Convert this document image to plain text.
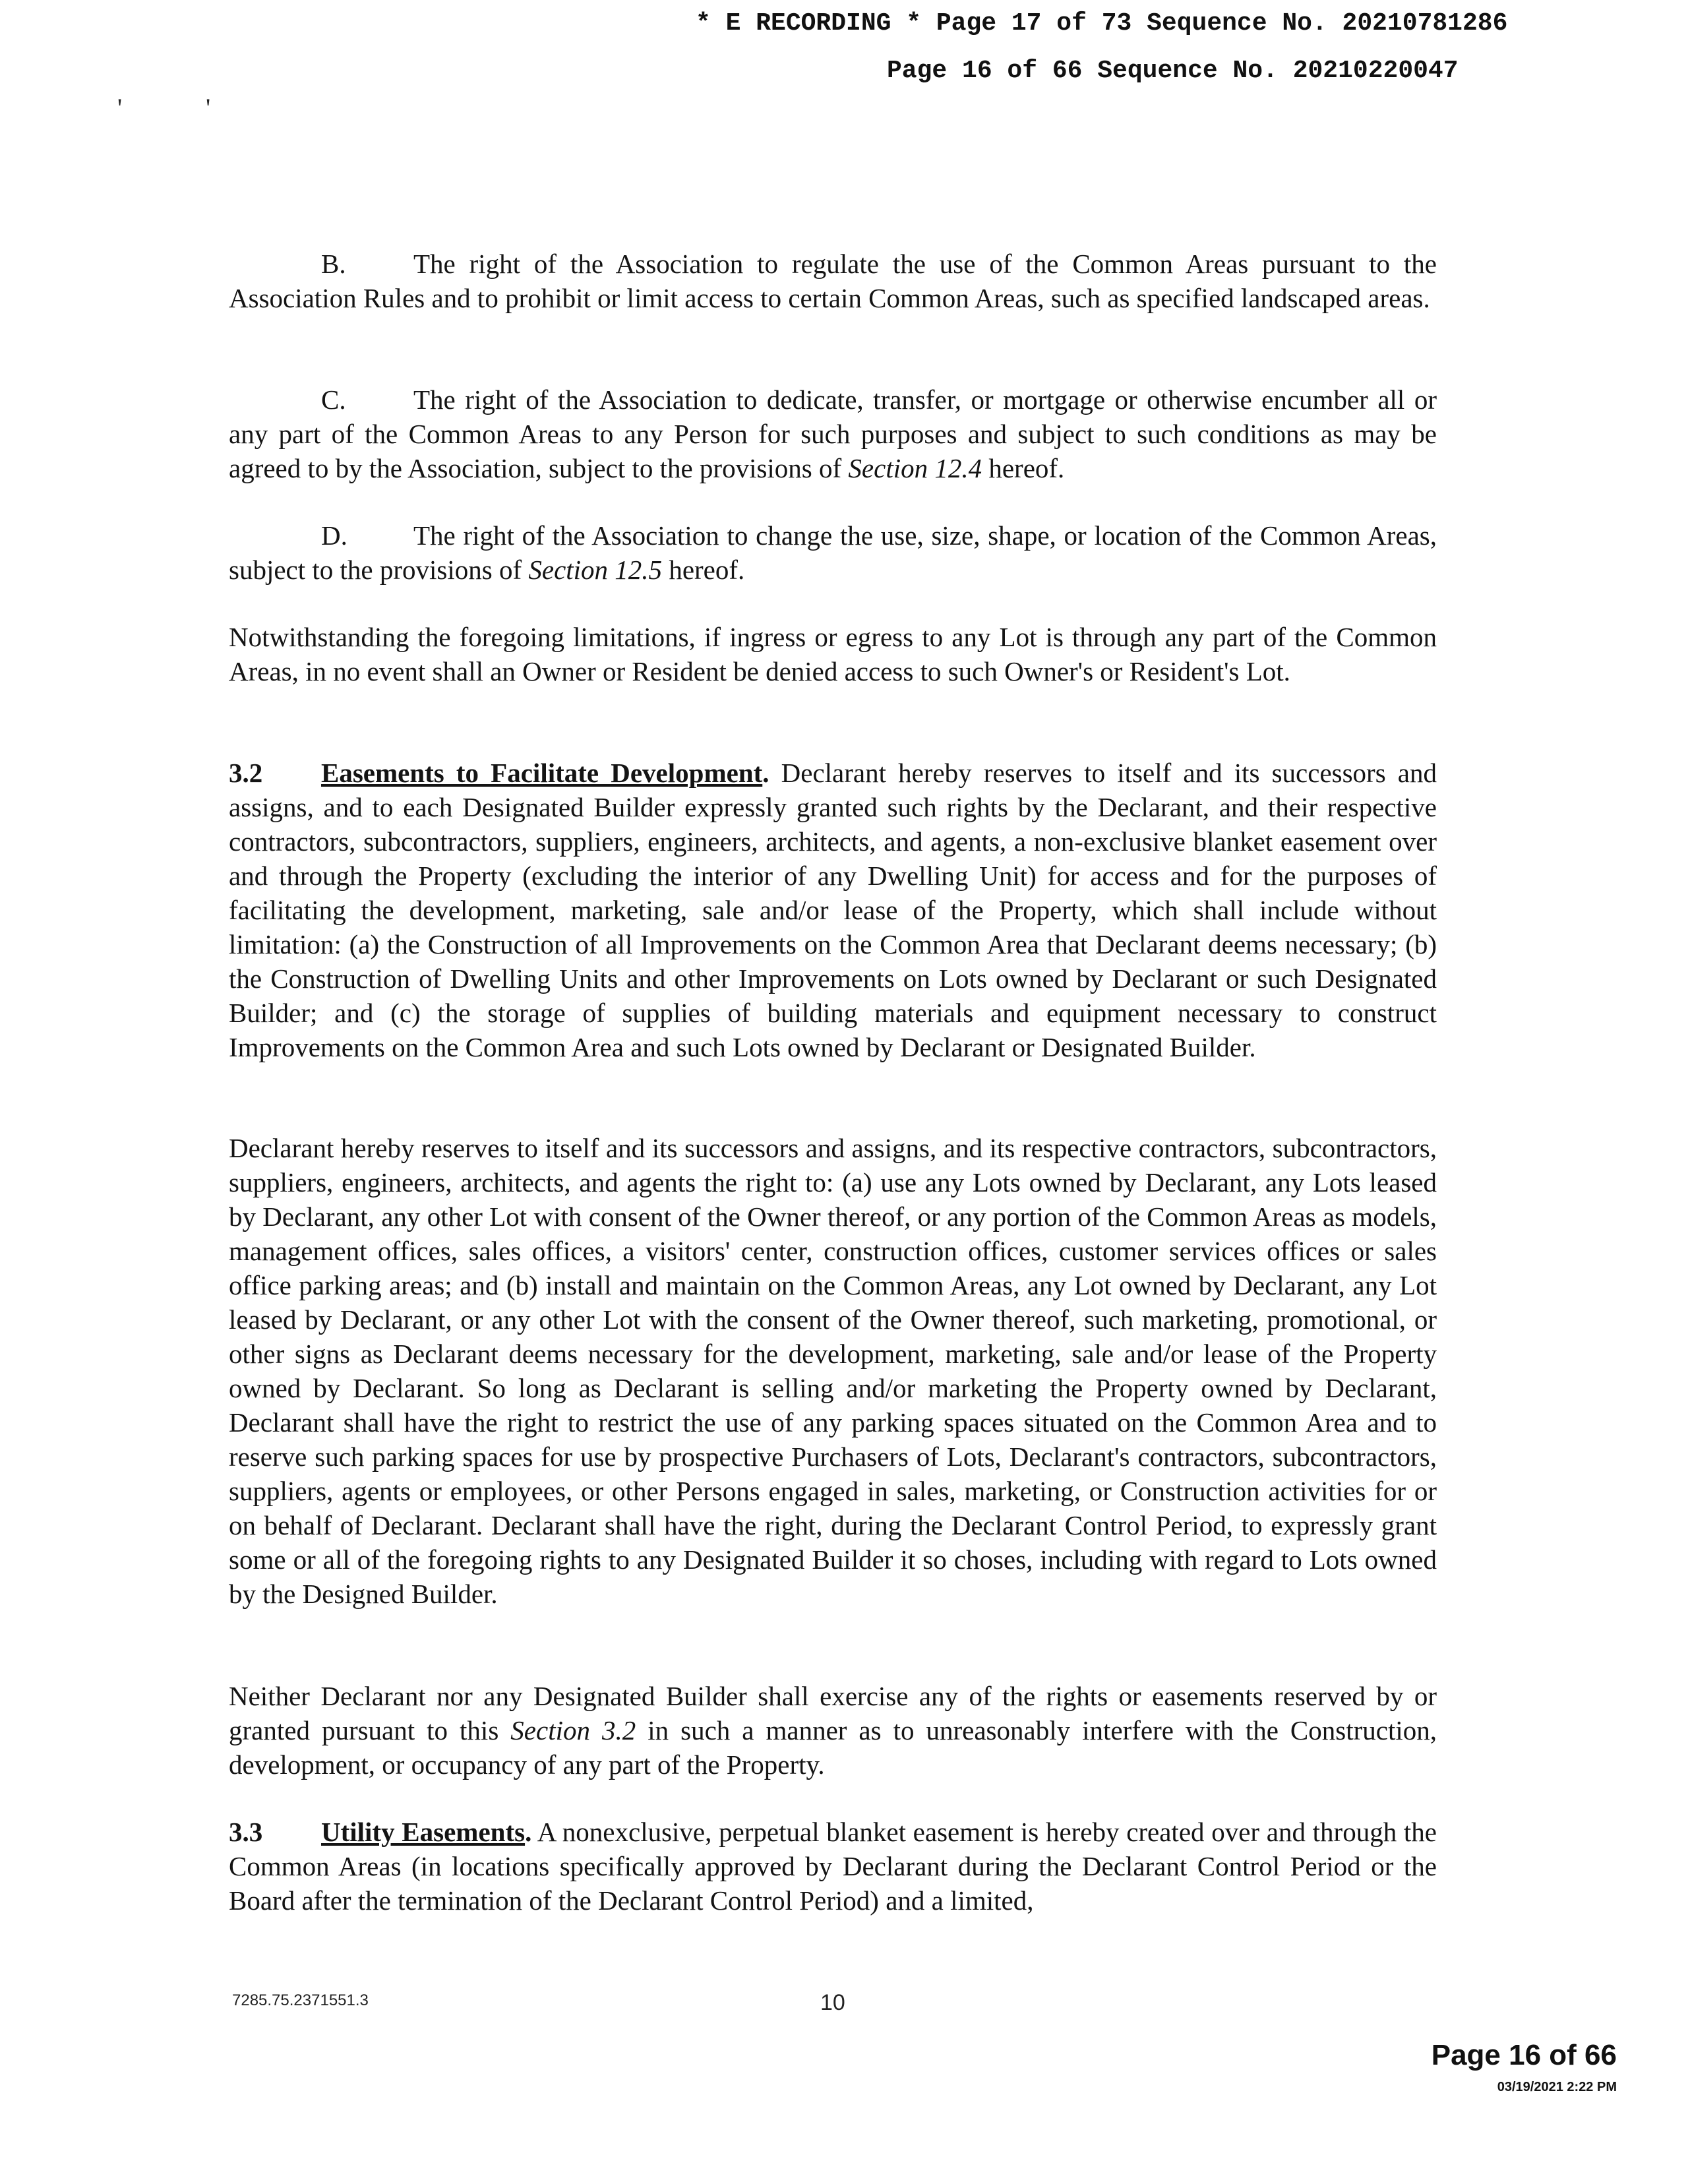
* E RECORDING * Page 17 of 73 Sequence No. 20210781286
Page 16 of 66 Sequence No. 20210220047
'	'

B. The right of the Association to regulate the use of the Common Areas pursuant to the Association Rules and to prohibit or limit access to certain Common Areas, such as specified landscaped areas.

C. The right of the Association to dedicate, transfer, or mortgage or otherwise encumber all or any part of the Common Areas to any Person for such purposes and subject to such conditions as may be agreed to by the Association, subject to the provisions of Section 12.4 hereof.

D. The right of the Association to change the use, size, shape, or location of the Common Areas, subject to the provisions of Section 12.5 hereof.

Notwithstanding the foregoing limitations, if ingress or egress to any Lot is through any part of the Common Areas, in no event shall an Owner or Resident be denied access to such Owner's or Resident's Lot.

3.2 Easements to Facilitate Development. Declarant hereby reserves to itself and its successors and assigns, and to each Designated Builder expressly granted such rights by the Declarant, and their respective contractors, subcontractors, suppliers, engineers, architects, and agents, a non-exclusive blanket easement over and through the Property (excluding the interior of any Dwelling Unit) for access and for the purposes of facilitating the development, marketing, sale and/or lease of the Property, which shall include without limitation: (a) the Construction of all Improvements on the Common Area that Declarant deems necessary; (b) the Construction of Dwelling Units and other Improvements on Lots owned by Declarant or such Designated Builder; and (c) the storage of supplies of building materials and equipment necessary to construct Improvements on the Common Area and such Lots owned by Declarant or Designated Builder.

Declarant hereby reserves to itself and its successors and assigns, and its respective contractors, subcontractors, suppliers, engineers, architects, and agents the right to: (a) use any Lots owned by Declarant, any Lots leased by Declarant, any other Lot with consent of the Owner thereof, or any portion of the Common Areas as models, management offices, sales offices, a visitors' center, construction offices, customer services offices or sales office parking areas; and (b) install and maintain on the Common Areas, any Lot owned by Declarant, any Lot leased by Declarant, or any other Lot with the consent of the Owner thereof, such marketing, promotional, or other signs as Declarant deems necessary for the development, marketing, sale and/or lease of the Property owned by Declarant. So long as Declarant is selling and/or marketing the Property owned by Declarant, Declarant shall have the right to restrict the use of any parking spaces situated on the Common Area and to reserve such parking spaces for use by prospective Purchasers of Lots, Declarant's contractors, subcontractors, suppliers, agents or employees, or other Persons engaged in sales, marketing, or Construction activities for or on behalf of Declarant. Declarant shall have the right, during the Declarant Control Period, to expressly grant some or all of the foregoing rights to any Designated Builder it so choses, including with regard to Lots owned by the Designed Builder.

Neither Declarant nor any Designated Builder shall exercise any of the rights or easements reserved by or granted pursuant to this Section 3.2 in such a manner as to unreasonably interfere with the Construction, development, or occupancy of any part of the Property.

3.3 Utility Easements. A nonexclusive, perpetual blanket easement is hereby created over and through the Common Areas (in locations specifically approved by Declarant during the Declarant Control Period or the Board after the termination of the Declarant Control Period) and a limited,

7285.75.2371551.3	10
Page 16 of 66
03/19/2021 2:22 PM
